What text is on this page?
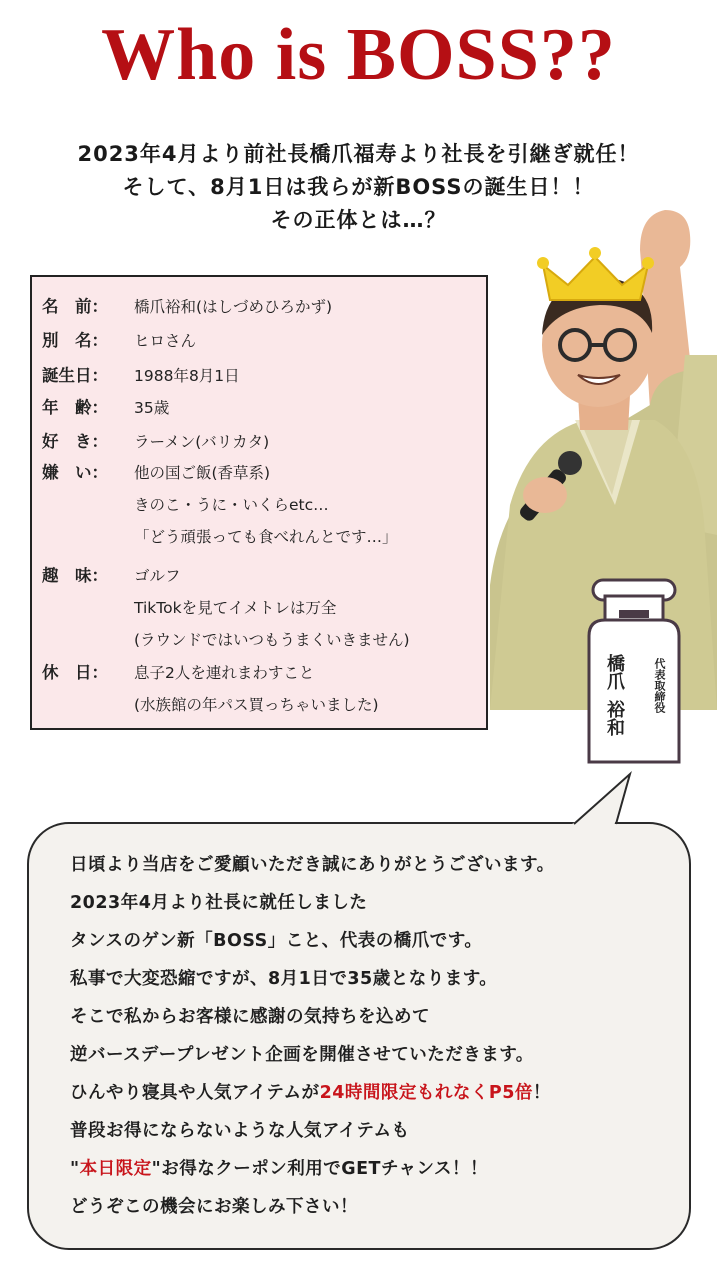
Who is BOSS??
2023年4月より前社長橋爪福寿より社長を引継ぎ就任！
そして、8月1日は我らが新BOSSの誕生日！！
その正体とは…？
名　前： 橋爪裕和(はしづめひろかず)
別　名： ヒロさん
誕生日： 1988年8月1日
年　齢： 35歳
好　き： ラーメン(バリカタ)
嫌　い： 他の国ご飯(香草系)
きのこ・うに・いくらetc…
「どう頑張っても食べれんとです…」
趣　味： ゴルフ
TikTokを見てイメトレは万全
(ラウンドではいつもうまくいきません)
休　日： 息子2人を連れまわすこと
(水族館の年パス買っちゃいました)
橋爪
裕和
代表取締役
日頃より当店をご愛顧いただき誠にありがとうございます。
2023年4月より社長に就任しました
タンスのゲン新「BOSS」こと、代表の橋爪です。
私事で大変恐縮ですが、8月1日で35歳となります。
そこで私からお客様に感謝の気持ちを込めて
逆バースデープレゼント企画を開催させていただきます。
ひんやり寝具や人気アイテムが24時間限定もれなくP5倍！
普段お得にならないような人気アイテムも
"本日限定"お得なクーポン利用でGETチャンス！！
どうぞこの機会にお楽しみ下さい！
